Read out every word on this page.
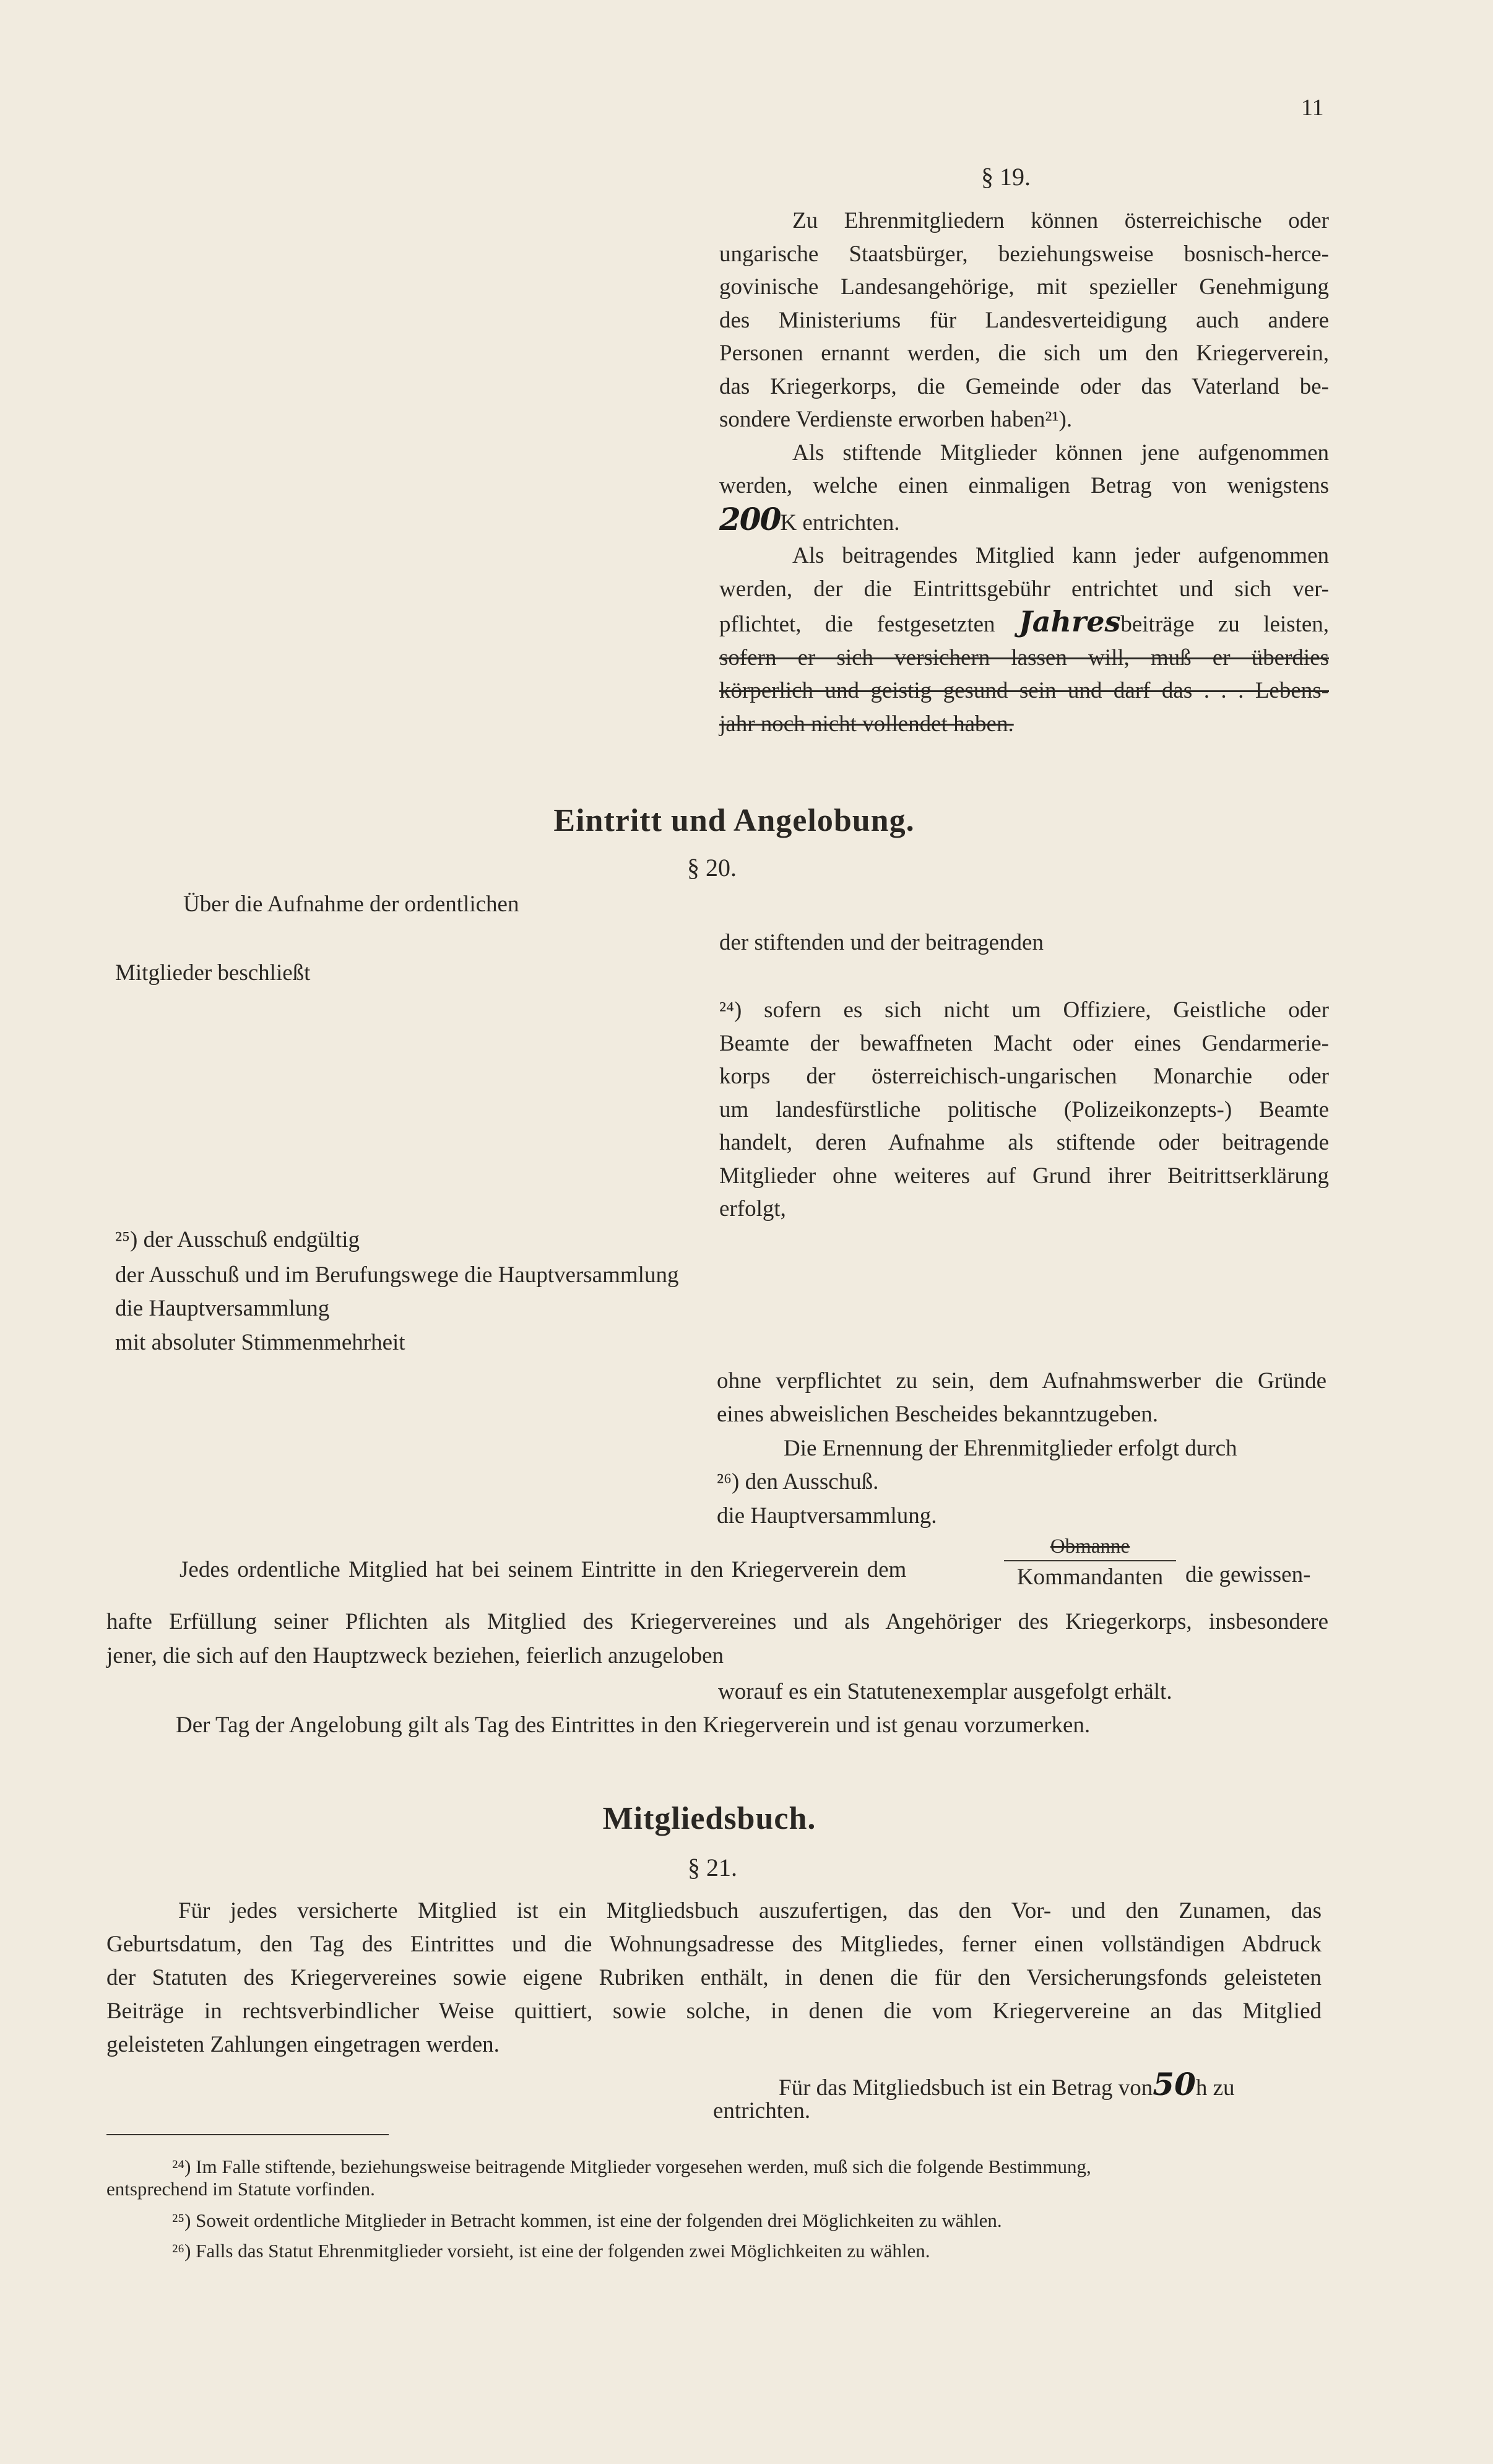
11
§ 19.
Zu Ehrenmitgliedern können österreichische oder
ungarische Staatsbürger, beziehungsweise bosnisch-herce-
govinische Landesangehörige, mit spezieller Genehmigung
des Ministeriums für Landesverteidigung auch andere
Personen ernannt werden, die sich um den Kriegerverein,
das Kriegerkorps, die Gemeinde oder das Vaterland be-
sondere Verdienste erworben haben²¹).
Als stiftende Mitglieder können jene aufgenommen
werden, welche einen einmaligen Betrag von wenigstens
200K entrichten.
Als beitragendes Mitglied kann jeder aufgenommen
werden, der die Eintrittsgebühr entrichtet und sich ver-
pflichtet, die festgesetzten Jahresbeiträge zu leisten,
sofern er sich versichern lassen will, muß er überdies
körperlich und geistig gesund sein und darf das . . . Lebens-
jahr noch nicht vollendet haben.
Eintritt und Angelobung.
§ 20.
Über die Aufnahme der ordentlichen
der stiftenden und der beitragenden
Mitglieder beschließt
²⁴) sofern es sich nicht um Offiziere, Geistliche oder
Beamte der bewaffneten Macht oder eines Gendarmerie-
korps der österreichisch-ungarischen Monarchie oder
um landesfürstliche politische (Polizeikonzepts-) Beamte
handelt, deren Aufnahme als stiftende oder beitragende
Mitglieder ohne weiteres auf Grund ihrer Beitrittserklärung
erfolgt,
²⁵) der Ausschuß endgültig
der Ausschuß und im Berufungswege die Hauptversammlung
die Hauptversammlung
mit absoluter Stimmenmehrheit
ohne verpflichtet zu sein, dem Aufnahmswerber die Gründe
eines abweislichen Bescheides bekanntzugeben.
Die Ernennung der Ehrenmitglieder erfolgt durch
²⁶) den Ausschuß.
die Hauptversammlung.
Jedes ordentliche Mitglied hat bei seinem Eintritte in den Kriegerverein dem
Obmanne
Kommandanten die gewissen-
hafte Erfüllung seiner Pflichten als Mitglied des Kriegervereines und als Angehöriger des Kriegerkorps, insbesondere
jener, die sich auf den Hauptzweck beziehen, feierlich anzugeloben
worauf es ein Statutenexemplar ausgefolgt erhält.
Der Tag der Angelobung gilt als Tag des Eintrittes in den Kriegerverein und ist genau vorzumerken.
Mitgliedsbuch.
§ 21.
Für jedes versicherte Mitglied ist ein Mitgliedsbuch auszufertigen, das den Vor- und den Zunamen, das
Geburtsdatum, den Tag des Eintrittes und die Wohnungsadresse des Mitgliedes, ferner einen vollständigen Abdruck
der Statuten des Kriegervereines sowie eigene Rubriken enthält, in denen die für den Versicherungsfonds geleisteten
Beiträge in rechtsverbindlicher Weise quittiert, sowie solche, in denen die vom Kriegervereine an das Mitglied
geleisteten Zahlungen eingetragen werden.
Für das Mitgliedsbuch ist ein Betrag von50h zu
entrichten.
²⁴) Im Falle stiftende, beziehungsweise beitragende Mitglieder vorgesehen werden, muß sich die folgende Bestimmung,
entsprechend im Statute vorfinden.
²⁵) Soweit ordentliche Mitglieder in Betracht kommen, ist eine der folgenden drei Möglichkeiten zu wählen.
²⁶) Falls das Statut Ehrenmitglieder vorsieht, ist eine der folgenden zwei Möglichkeiten zu wählen.
